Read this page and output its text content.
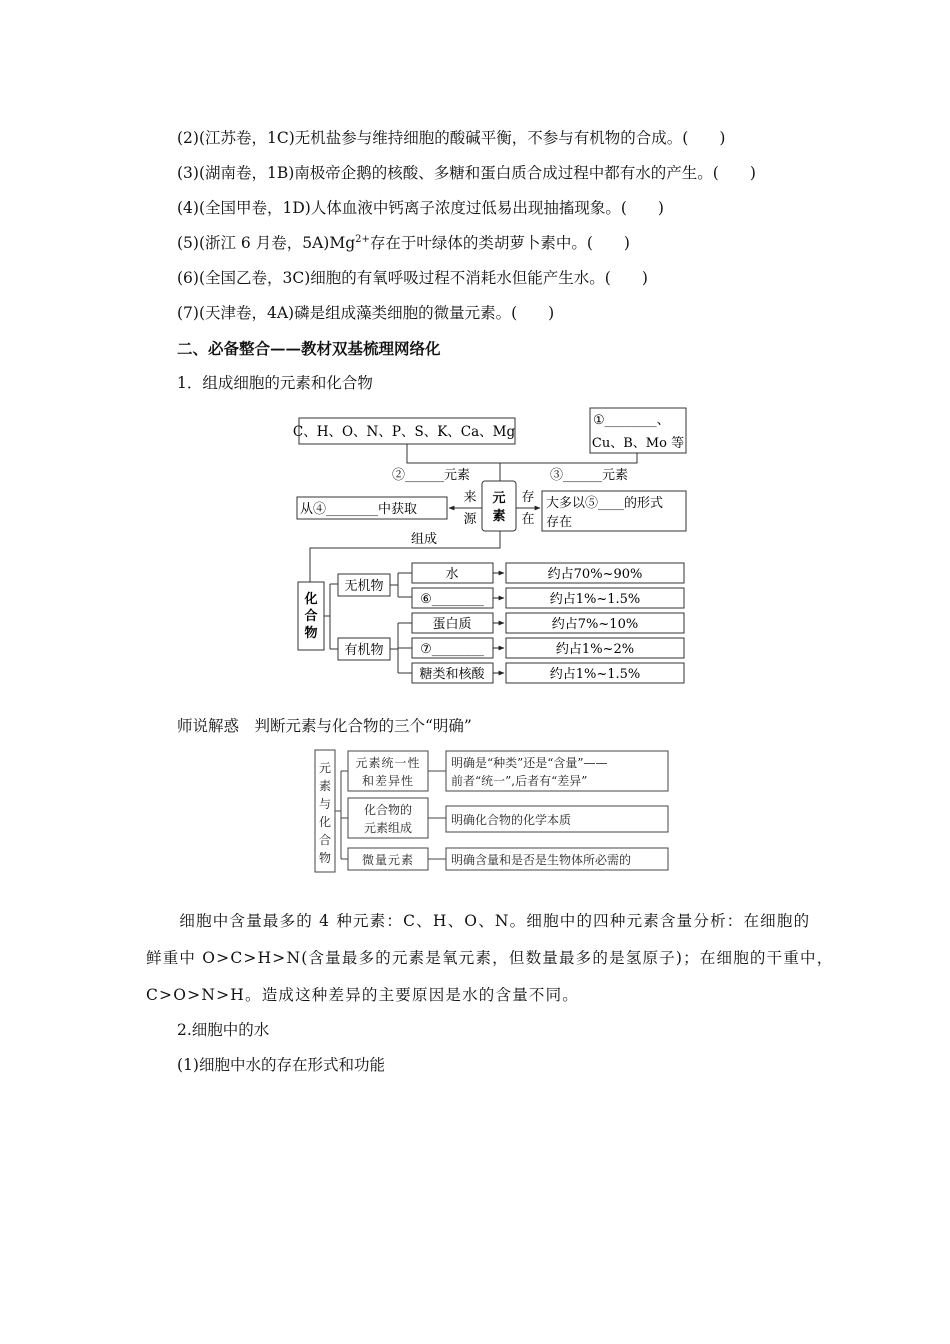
(2)(江苏卷，1C)无机盐参与维持细胞的酸碱平衡，不参与有机物的合成。(　　)
(3)(湖南卷，1B)南极帝企鹅的核酸、多糖和蛋白质合成过程中都有水的产生。(　　)
(4)(全国甲卷，1D)人体血液中钙离子浓度过低易出现抽搐现象。(　　)
(5)(浙江 6 月卷，$5A)Mg^{2+}$存在于叶绿体的类胡萝卜素中。(　　)
(6)(全国乙卷，3C)细胞的有氧呼吸过程不消耗水但能产生水。(　　)
(7)(天津卷，4A)磷是组成藻类细胞的微量元素。(　　)
二、必备整合——教材双基梳理网络化
1．组成细胞的元素和化合物
C、H、O、N、P、S、K、Ca、Mg
①________、
Cu、B、Mo 等
②______元素	③______元素
元
素
来
源
存
在
从④________中获取	大多以⑤____的形式
存在
组成
化
合
物
无机物
有机物
水	约占70%~90%
⑥________	约占1%~1.5%
蛋白质	约占7%~10%
⑦________	约占1%~2%
糖类和核酸	约占1%~1.5%
师说解惑　判断元素与化合物的三个“明确”
元
素
与
化
合
物
元素统一性
和差异性
化合物的
元素组成
微量元素
明确是“种类”还是“含量”——
前者“统一”,后者有“差异”
明确化合物的化学本质
明确含量和是否是生物体所必需的
　　细胞中含量最多的 4 种元素：C、H、O、N。细胞中的四种元素含量分析：在细胞的
鲜重中 O>C>H>N(含量最多的元素是氧元素，但数量最多的是氢原子)；在细胞的干重中，
C>O>N>H。造成这种差异的主要原因是水的含量不同。
2.细胞中的水
(1)细胞中水的存在形式和功能
